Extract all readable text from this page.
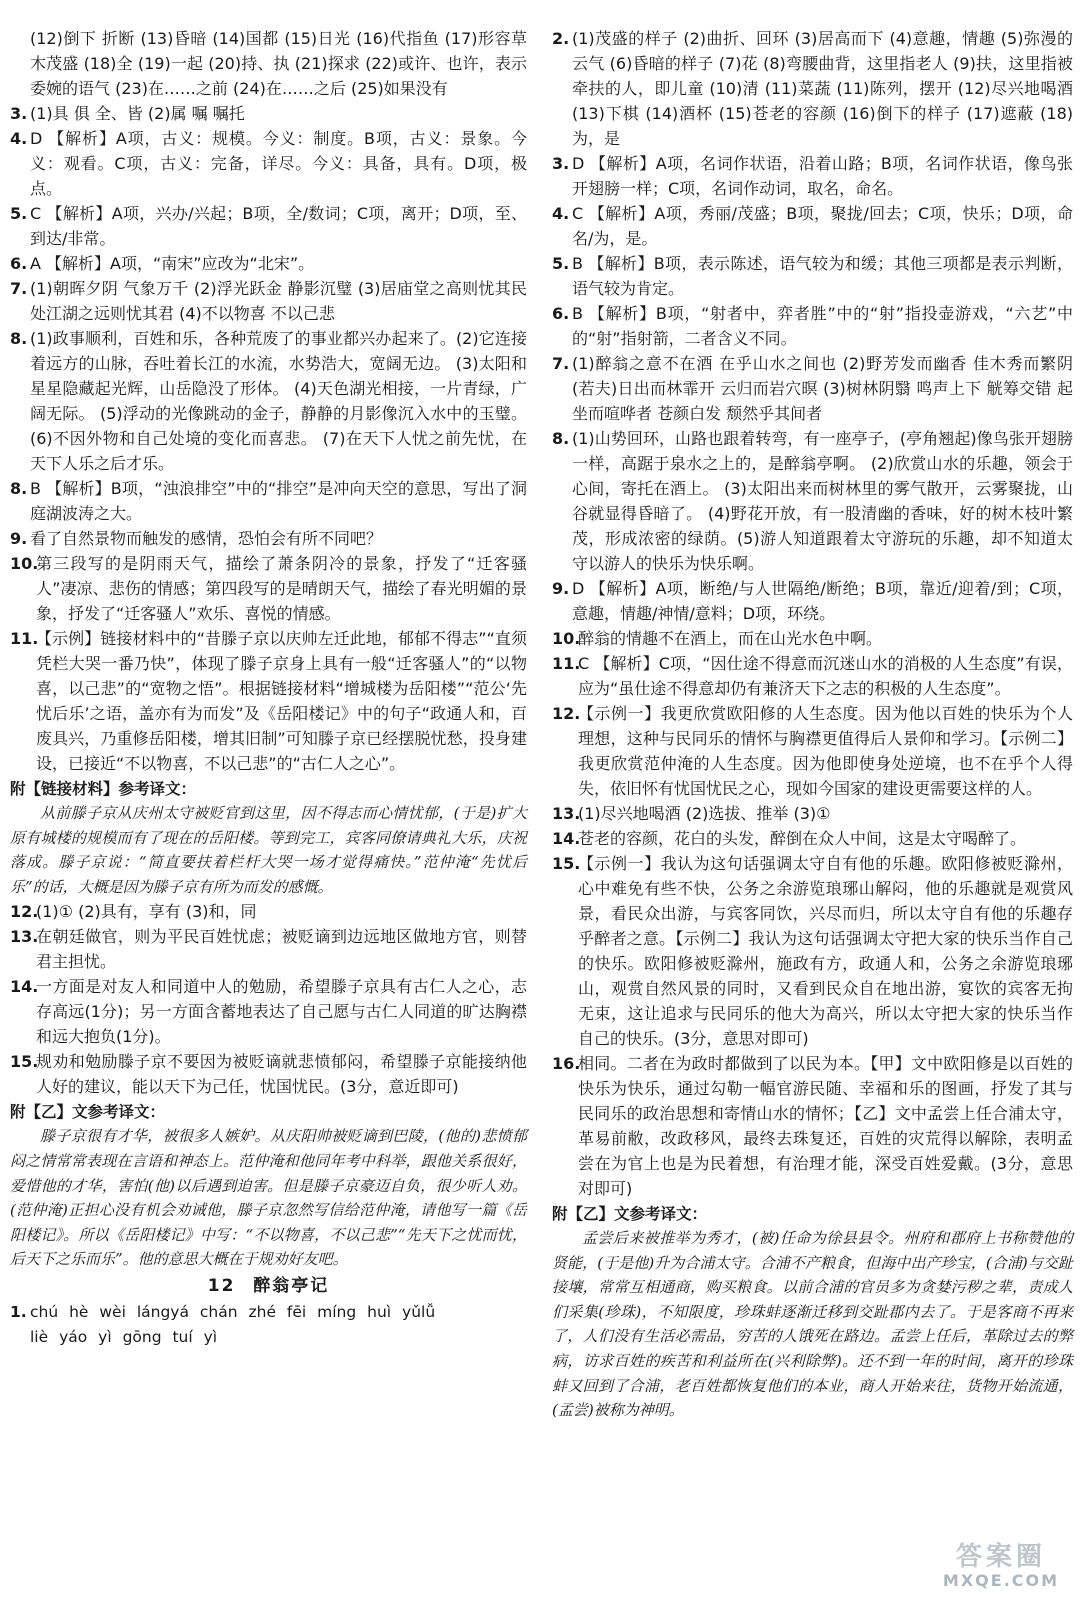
(12)倒下 折断 (13)昏暗 (14)国都 (15)日光 (16)代指鱼 (17)形容草木茂盛 (18)全 (19)一起 (20)持、执 (21)探求 (22)或许、也许，表示委婉的语气 (23)在……之前 (24)在……之后 (25)如果没有

3. (1)具 俱 全、皆 (2)属 嘱 嘱托

4. D 【解析】A项，古义：规模。今义：制度。B项，古义：景象。今义：观看。C项，古义：完备，详尽。今义：具备，具有。D项，极点。

5. C 【解析】A项，兴办/兴起；B项，全/数词；C项，离开；D项，至、到达/非常。

6. A 【解析】A项，“南宋”应改为“北宋”。

7. (1)朝晖夕阴 气象万千 (2)浮光跃金 静影沉璧 (3)居庙堂之高则忧其民 处江湖之远则忧其君 (4)不以物喜 不以己悲

8. (1)政事顺利，百姓和乐，各种荒废了的事业都兴办起来了。(2)它连接着远方的山脉，吞吐着长江的水流，水势浩大，宽阔无边。 (3)太阳和星星隐藏起光辉，山岳隐没了形体。 (4)天色湖光相接，一片青绿，广阔无际。 (5)浮动的光像跳动的金子，静静的月影像沉入水中的玉璧。 (6)不因外物和自己处境的变化而喜悲。 (7)在天下人忧之前先忧，在天下人乐之后才乐。

8. B 【解析】B项，“浊浪排空”中的“排空”是冲向天空的意思，写出了洞庭湖波涛之大。

9. 看了自然景物而触发的感情，恐怕会有所不同吧？

10.
第三段写的是阴雨天气，描绘了萧条阴冷的景象，抒发了“迁客骚人”凄凉、悲伤的情感；第四段写的是晴朗天气，描绘了春光明媚的景象，抒发了“迁客骚人”欢乐、喜悦的情感。

11.
【示例】链接材料中的“昔滕子京以庆帅左迁此地，郁郁不得志”“直须凭栏大哭一番乃快”，体现了滕子京身上具有一般“迁客骚人”的“以物喜，以己悲”的“宽物之悟”。根据链接材料“增城楼为岳阳楼”“范公‘先忧后乐’之语，盖亦有为而发”及《岳阳楼记》中的句子“政通人和，百废具兴，乃重修岳阳楼，增其旧制”可知滕子京已经摆脱忧愁，投身建设，已接近“不以物喜，不以己悲”的“古仁人之心”。

附【链接材料】参考译文：

从前滕子京从庆州太守被贬官到这里，因不得志而心情忧郁，(于是)扩大原有城楼的规模而有了现在的岳阳楼。等到完工，宾客同僚请典礼大乐，庆祝落成。滕子京说：“简直要扶着栏杆大哭一场才觉得痛快。”范仲淹“先忧后乐”的话，大概是因为滕子京有所为而发的感慨。

12.
(1)① (2)具有，享有 (3)和，同

13.
在朝廷做官，则为平民百姓忧虑；被贬谪到边远地区做地方官，则替君主担忧。

14.
一方面是对友人和同道中人的勉励，希望滕子京具有古仁人之心，志存高远(1分)；另一方面含蓄地表达了自己愿与古仁人同道的旷达胸襟和远大抱负(1分)。

15.
规劝和勉励滕子京不要因为被贬谪就悲愤郁闷，希望滕子京能接纳他人好的建议，能以天下为己任，忧国忧民。(3分，意近即可)

附【乙】文参考译文：

滕子京很有才华，被很多人嫉妒。从庆阳帅被贬谪到巴陵，(他的)悲愤郁闷之情常常表现在言语和神态上。范仲淹和他同年考中科举，跟他关系很好，爱惜他的才华，害怕(他)以后遇到迫害。但是滕子京豪迈自负，很少听人劝。(范仲淹)正担心没有机会劝诫他，滕子京忽然写信给范仲淹，请他写一篇《岳阳楼记》。所以《岳阳楼记》中写：“不以物喜，不以己悲”“先天下之忧而忧，后天下之乐而乐”。他的意思大概在于规劝好友吧。

12 醉翁亭记

1. chú hè wèi lángyá chán zhé fēi míng huì yǔlǚ
liè yáo yì gōng tuí yì

2. (1)茂盛的样子 (2)曲折、回环 (3)居高而下 (4)意趣，情趣 (5)弥漫的云气 (6)昏暗的样子 (7)花 (8)弯腰曲背，这里指老人 (9)扶，这里指被牵扶的人，即儿童 (10)清 (11)菜蔬 (11)陈列，摆开 (12)尽兴地喝酒 (13)下棋 (14)酒杯 (15)苍老的容颜 (16)倒下的样子 (17)遮蔽 (18)为，是

3. D 【解析】A项，名词作状语，沿着山路；B项，名词作状语，像鸟张开翅膀一样；C项，名词作动词，取名，命名。

4. C 【解析】A项，秀丽/茂盛；B项，聚拢/回去；C项，快乐；D项，命名/为，是。

5. B 【解析】B项，表示陈述，语气较为和缓；其他三项都是表示判断，语气较为肯定。

6. B 【解析】B项，“射者中，弈者胜”中的“射”指投壶游戏，“六艺”中的“射”指射箭，二者含义不同。

7. (1)醉翁之意不在酒 在乎山水之间也 (2)野芳发而幽香 佳木秀而繁阴 (若夫)日出而林霏开 云归而岩穴暝 (3)树林阴翳 鸣声上下 觥筹交错 起坐而喧哗者 苍颜白发 颓然乎其间者

8. (1)山势回环，山路也跟着转弯，有一座亭子，(亭角翘起)像鸟张开翅膀一样，高踞于泉水之上的，是醉翁亭啊。 (2)欣赏山水的乐趣，领会于心间，寄托在酒上。 (3)太阳出来而树林里的雾气散开，云雾聚拢，山谷就显得昏暗了。 (4)野花开放，有一股清幽的香味，好的树木枝叶繁茂，形成浓密的绿荫。(5)游人知道跟着太守游玩的乐趣，却不知道太守以游人的快乐为快乐啊。

9. D 【解析】A项，断绝/与人世隔绝/断绝；B项，靠近/迎着/到；C项，意趣，情趣/神情/意料；D项，环绕。

10.
醉翁的情趣不在酒上，而在山光水色中啊。

11.
C 【解析】C项，“因仕途不得意而沉迷山水的消极的人生态度”有误，应为“虽仕途不得意却仍有兼济天下之志的积极的人生态度”。

12.
【示例一】我更欣赏欧阳修的人生态度。因为他以百姓的快乐为个人理想，这种与民同乐的情怀与胸襟更值得后人景仰和学习。【示例二】我更欣赏范仲淹的人生态度。因为他即使身处逆境，也不在乎个人得失，依旧怀有忧国忧民之心，现如今国家的建设更需要这样的人。

13.
(1)尽兴地喝酒 (2)选拔、推举 (3)①

14.
苍老的容颜，花白的头发，醉倒在众人中间，这是太守喝醉了。

15.
【示例一】我认为这句话强调太守自有他的乐趣。欧阳修被贬滁州，心中难免有些不快，公务之余游览琅琊山解闷，他的乐趣就是观赏风景，看民众出游，与宾客同饮，兴尽而归，所以太守自有他的乐趣存乎醉者之意。【示例二】我认为这句话强调太守把大家的快乐当作自己的快乐。欧阳修被贬滁州，施政有方，政通人和，公务之余游览琅琊山，观赏自然风景的同时，又看到民众自在地出游，宴饮的宾客无拘无束，这让追求与民同乐的他大为高兴，所以太守把大家的快乐当作自己的快乐。(3分，意思对即可)

16.
相同。二者在为政时都做到了以民为本。【甲】文中欧阳修是以百姓的快乐为快乐，通过勾勒一幅官游民随、幸福和乐的图画，抒发了其与民同乐的政治思想和寄情山水的情怀；【乙】文中孟尝上任合浦太守，革易前敝，改政移风，最终去珠复还，百姓的灾荒得以解除，表明孟尝在为官上也是为民着想，有治理才能，深受百姓爱戴。(3分，意思对即可)

附【乙】文参考译文：

孟尝后来被推举为秀才，(被)任命为徐县县令。州府和郡府上书称赞他的贤能，(于是他)升为合浦太守。合浦不产粮食，但海中出产珍宝，(合浦)与交趾接壤，常常互相通商，购买粮食。以前合浦的官员多为贪婪污秽之辈，责成人们采集(珍珠)，不知限度，珍珠蚌逐渐迁移到交趾郡内去了。于是客商不再来了，人们没有生活必需品，穷苦的人饿死在路边。孟尝上任后，革除过去的弊病，访求百姓的疾苦和利益所在(兴利除弊)。还不到一年的时间，离开的珍珠蚌又回到了合浦，老百姓都恢复他们的本业，商人开始来往，货物开始流通，(孟尝)被称为神明。

答案圈
MXQE.COM
